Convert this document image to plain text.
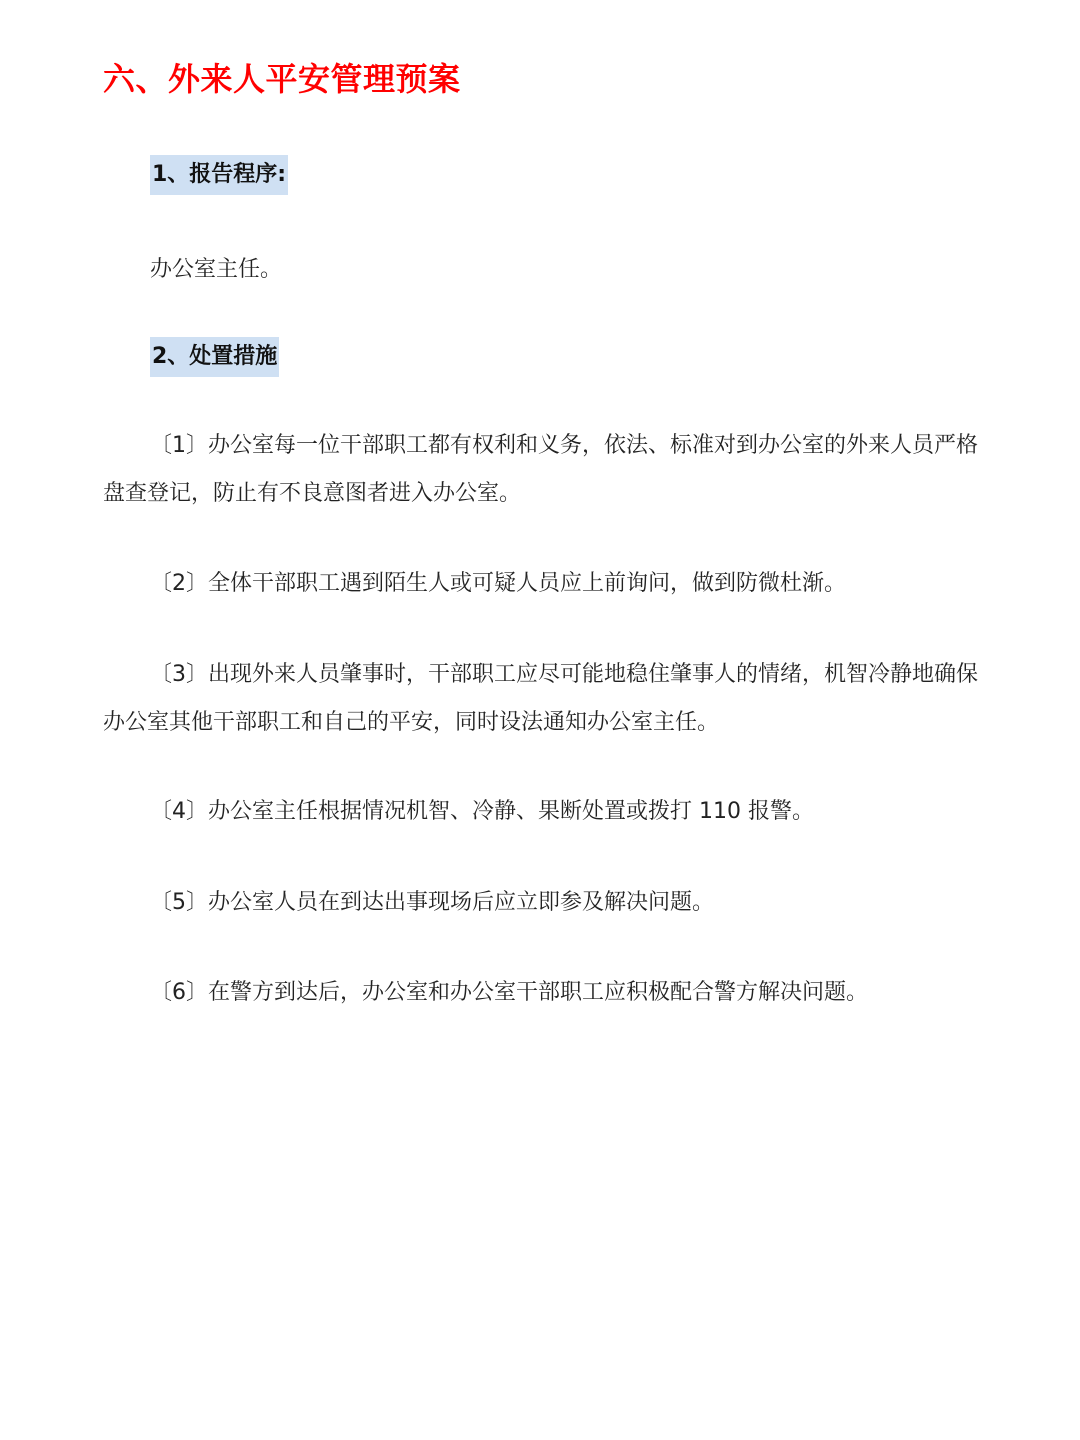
六、外来人平安管理预案
1、报告程序:
办公室主任。
2、处置措施
〔1〕办公室每一位干部职工都有权利和义务，依法、标准对到办公室的外来人员严格盘查登记，防止有不良意图者进入办公室。
〔2〕全体干部职工遇到陌生人或可疑人员应上前询问，做到防微杜渐。
〔3〕出现外来人员肇事时，干部职工应尽可能地稳住肇事人的情绪，机智冷静地确保办公室其他干部职工和自己的平安，同时设法通知办公室主任。
〔4〕办公室主任根据情况机智、冷静、果断处置或拨打 110 报警。
〔5〕办公室人员在到达出事现场后应立即参及解决问题。
〔6〕在警方到达后，办公室和办公室干部职工应积极配合警方解决问题。
